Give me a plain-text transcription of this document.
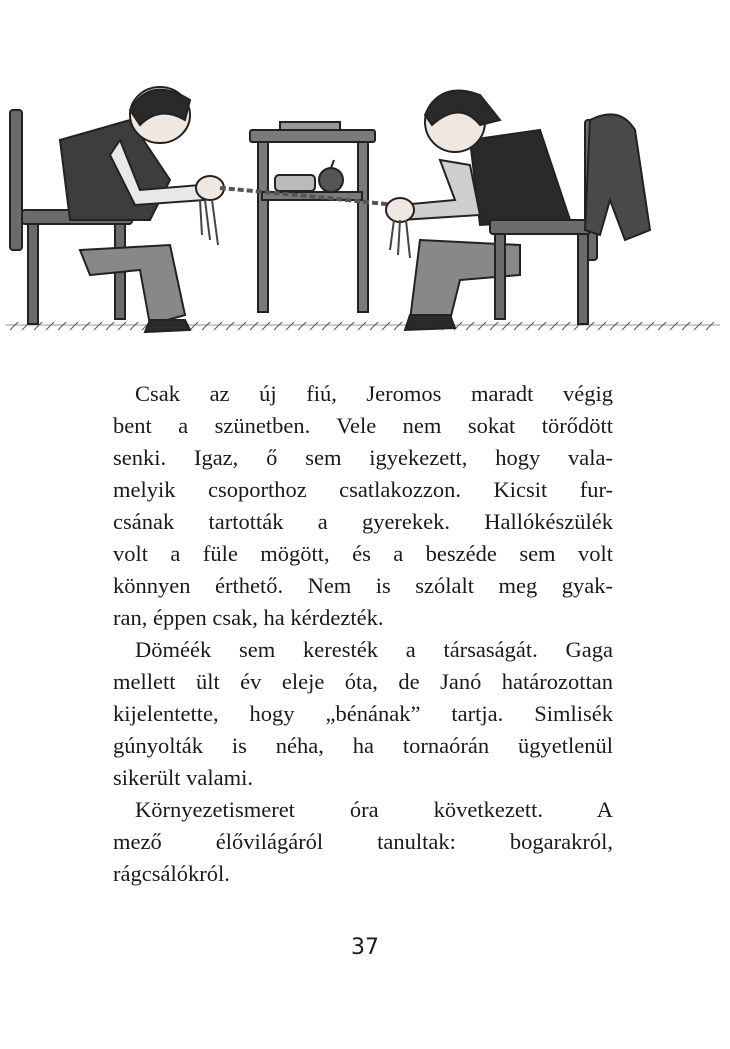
Csak az új fiú, Jeromos maradt végig
bent a szünetben. Vele nem sokat törődött
senki. Igaz, ő sem igyekezett, hogy vala-
melyik csoporthoz csatlakozzon. Kicsit fur-
csának tartották a gyerekek. Hallókészülék
volt a füle mögött, és a beszéde sem volt
könnyen érthető. Nem is szólalt meg gyak-
ran, éppen csak, ha kérdezték.
Döméék sem keresték a társaságát. Gaga
mellett ült év eleje óta, de Janó határozottan
kijelentette, hogy „bénának” tartja. Simlisék
gúnyolták is néha, ha tornaórán ügyetlenül
sikerült valami.
Környezetismeret óra következett. A
mező élővilágáról tanultak: bogarakról,
rágcsálókról.
37
